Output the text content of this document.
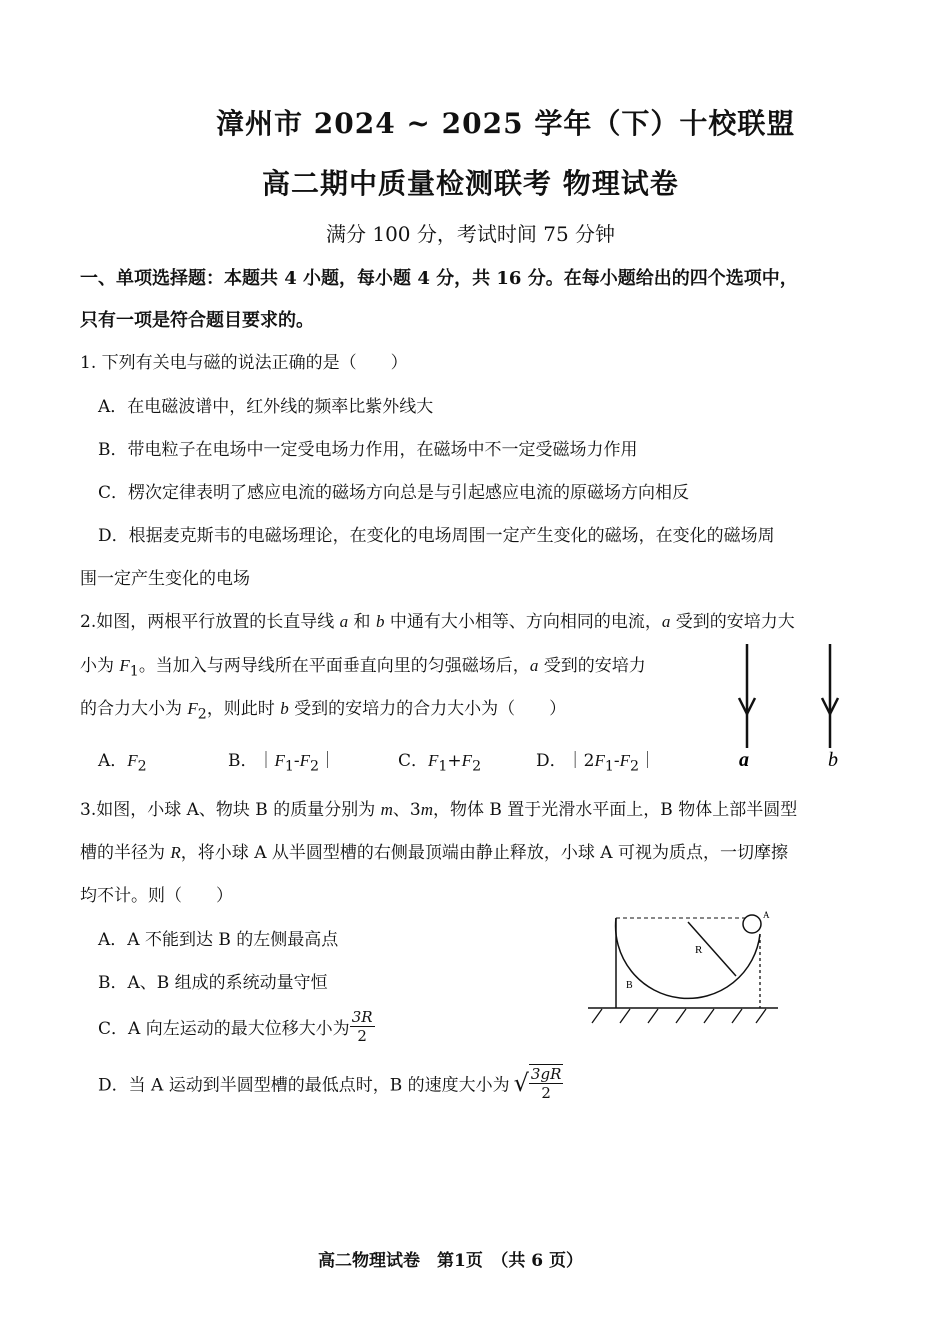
漳州市 2024 ~ 2025 学年（下）十校联盟
高二期中质量检测联考 物理试卷
满分 100 分，考试时间 75 分钟
一、单项选择题：本题共 4 小题，每小题 4 分，共 16 分。在每小题给出的四个选项中，
只有一项是符合题目要求的。
1. 下列有关电与磁的说法正确的是（　　）
A．在电磁波谱中，红外线的频率比紫外线大
B．带电粒子在电场中一定受电场力作用，在磁场中不一定受磁场力作用
C．楞次定律表明了感应电流的磁场方向总是与引起感应电流的原磁场方向相反
D．根据麦克斯韦的电磁场理论，在变化的电场周围一定产生变化的磁场，在变化的磁场周
围一定产生变化的电场
2.如图，两根平行放置的长直导线 a 和 b 中通有大小相等、方向相同的电流，a 受到的安培力大
小为 $F_1$。当加入与两导线所在平面垂直向里的匀强磁场后，a 受到的安培力
的合力大小为 $F_2$，则此时 b 受到的安培力的合力大小为（　　）
A．$F_2$	B．$|F_1-F_2|$	C．$F_1+F_2$	D．$|2F_1-F_2|$	a	b
3.如图，小球 A、物块 B 的质量分别为 m、3m，物体 B 置于光滑水平面上，B 物体上部半圆型
槽的半径为 R，将小球 A 从半圆型槽的右侧最顶端由静止释放，小球 A 可视为质点，一切摩擦
均不计。则（　　）
A．A 不能到达 B 的左侧最高点
B．A、B 组成的系统动量守恒
C．A 向左运动的最大位移大小为 $\frac{3R}{2}$
D．当 A 运动到半圆型槽的最低点时，B 的速度大小为 √ $\frac{3gR}{2}$
A
R
B
高二物理试卷　第1页　（共 6 页）
